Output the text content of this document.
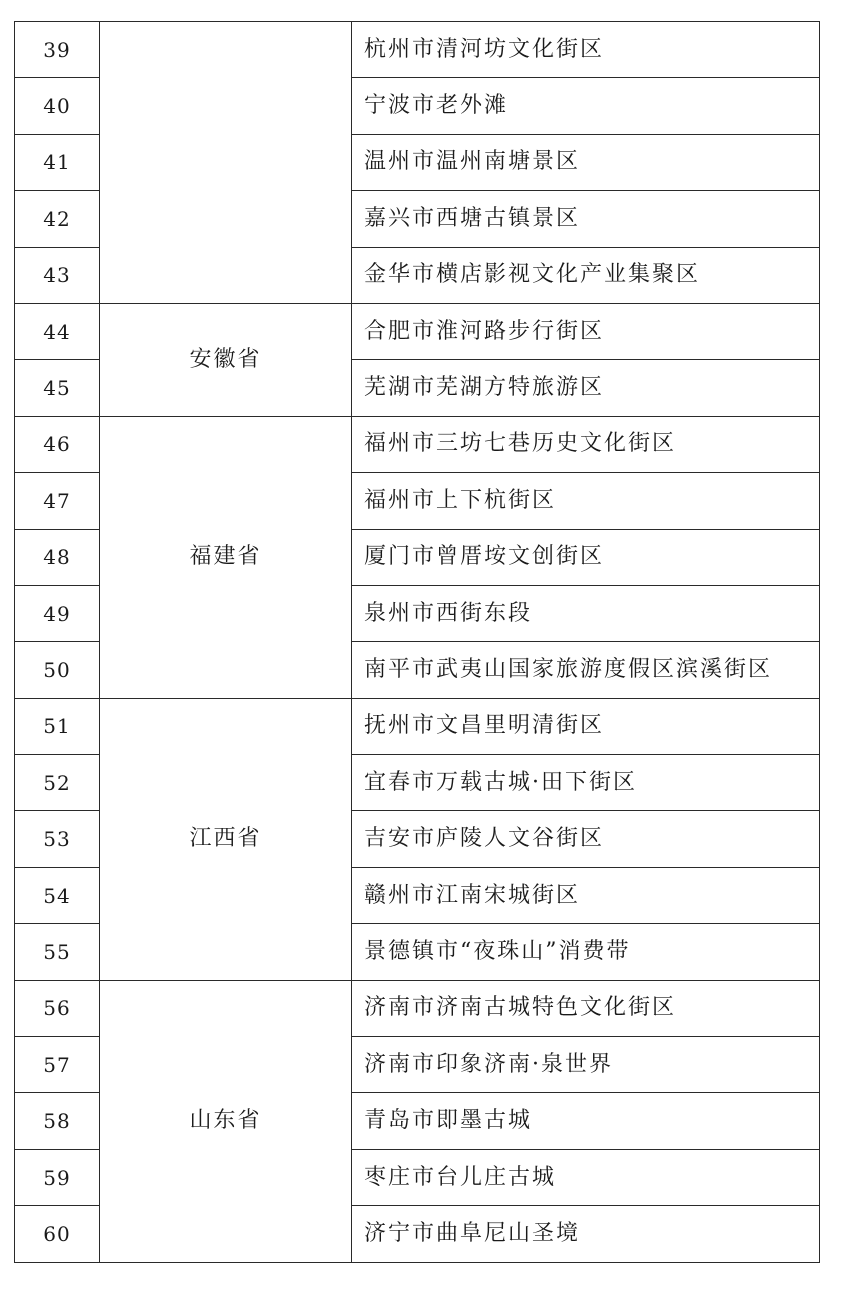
39		杭州市清河坊文化街区
40		宁波市老外滩
41		温州市温州南塘景区
42		嘉兴市西塘古镇景区
43		金华市横店影视文化产业集聚区
44	安徽省	合肥市淮河路步行街区
45		芜湖市芜湖方特旅游区
46	福建省	福州市三坊七巷历史文化街区
47		福州市上下杭街区
48		厦门市曾厝垵文创街区
49		泉州市西街东段
50		南平市武夷山国家旅游度假区滨溪街区
51	江西省	抚州市文昌里明清街区
52		宜春市万载古城·田下街区
53		吉安市庐陵人文谷街区
54		赣州市江南宋城街区
55		景德镇市“夜珠山”消费带
56	山东省	济南市济南古城特色文化街区
57		济南市印象济南·泉世界
58		青岛市即墨古城
59		枣庄市台儿庄古城
60		济宁市曲阜尼山圣境
